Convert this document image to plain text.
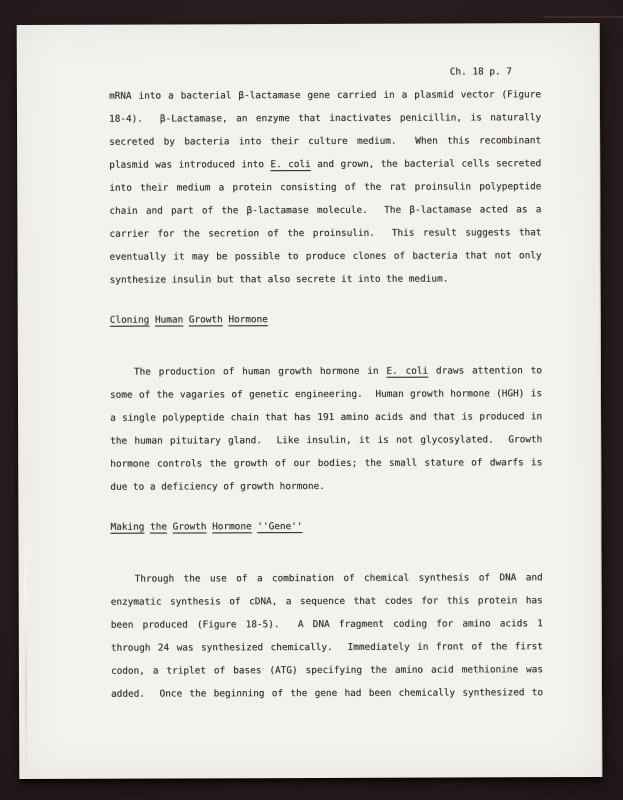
Ch. 18 p. 7
mRNA into a bacterial β-lactamase gene carried in a plasmid vector (Figure
18-4).  β-Lactamase, an enzyme that inactivates penicillin, is naturally
secreted by bacteria into their culture medium.  When this recombinant
plasmid was introduced into E. coli and grown, the bacterial cells secreted
into their medium a protein consisting of the rat proinsulin polypeptide
chain and part of the β-lactamase molecule.  The β-lactamase acted as a
carrier for the secretion of the proinsulin.  This result suggests that
eventually it may be possible to produce clones of bacteria that not only
synthesize insulin but that also secrete it into the medium.
Cloning Human Growth Hormone
The production of human growth hormone in E. coli draws attention to
some of the vagaries of genetic engineering.  Human growth hormone (HGH) is
a single polypeptide chain that has 191 amino acids and that is produced in
the human pituitary gland.  Like insulin, it is not glycosylated.  Growth
hormone controls the growth of our bodies; the small stature of dwarfs is
due to a deficiency of growth hormone.
Making the Growth Hormone ''Gene''
Through the use of a combination of chemical synthesis of DNA and
enzymatic synthesis of cDNA, a sequence that codes for this protein has
been produced (Figure 18-5).  A DNA fragment coding for amino acids 1
through 24 was synthesized chemically.  Immediately in front of the first
codon, a triplet of bases (ATG) specifying the amino acid methionine was
added.  Once the beginning of the gene had been chemically synthesized to
